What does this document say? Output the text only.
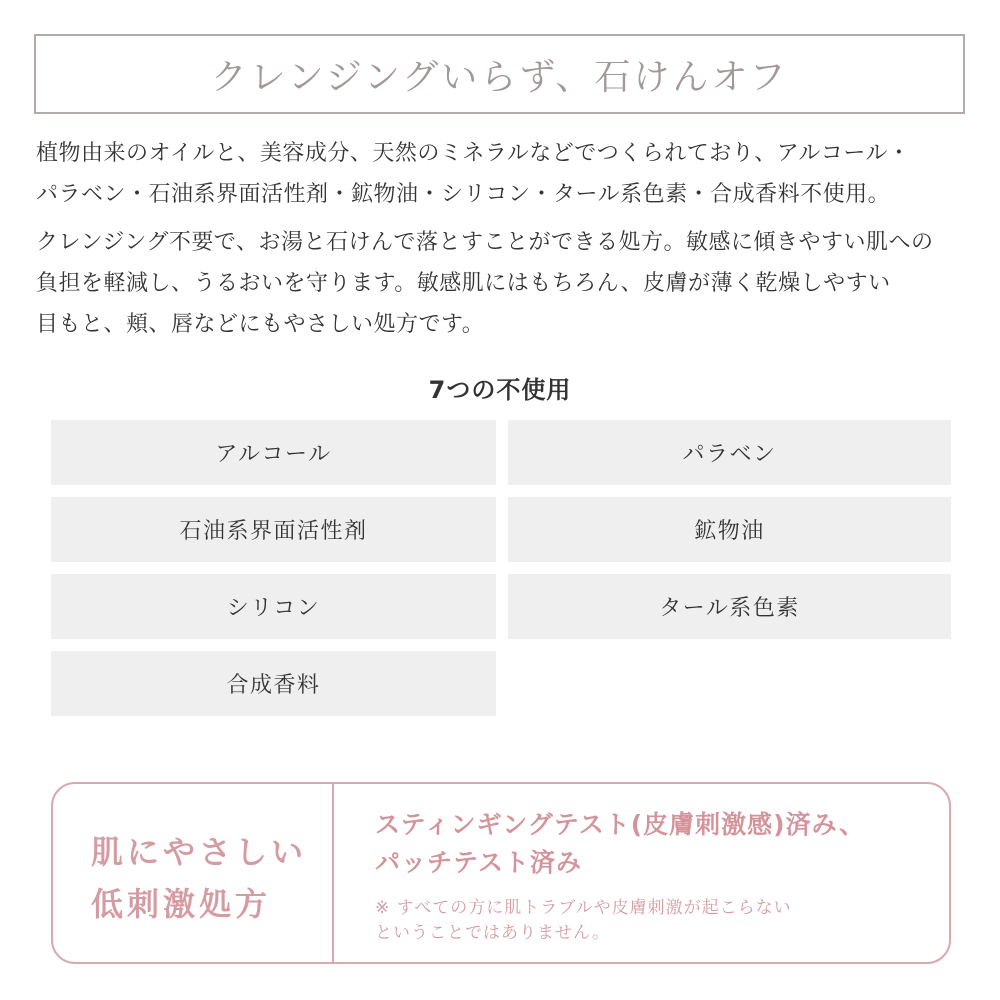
クレンジングいらず、石けんオフ
植物由来のオイルと、美容成分、天然のミネラルなどでつくられており、アルコール・
パラベン・石油系界面活性剤・鉱物油・シリコン・タール系色素・合成香料不使用。
クレンジング不要で、お湯と石けんで落とすことができる処方。敏感に傾きやすい肌への
負担を軽減し、うるおいを守ります。敏感肌にはもちろん、皮膚が薄く乾燥しやすい
目もと、頬、唇などにもやさしい処方です。
7つの不使用
アルコール	パラベン
石油系界面活性剤	鉱物油
シリコン	タール系色素
合成香料
肌にやさしい
低刺激処方
スティンギングテスト(皮膚刺激感)済み、
パッチテスト済み
※ すべての方に肌トラブルや皮膚刺激が起こらない
ということではありません。
